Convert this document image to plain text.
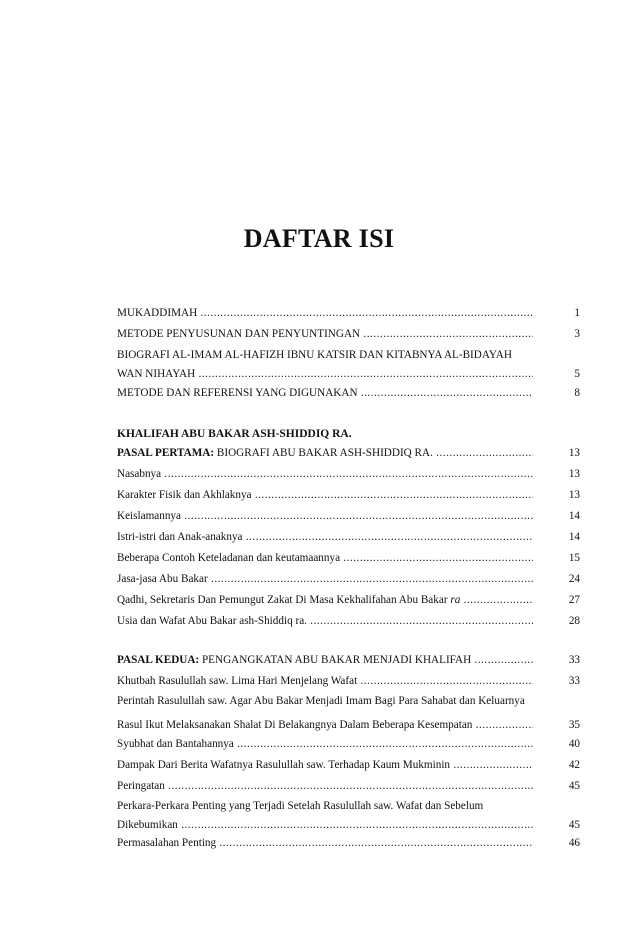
DAFTAR ISI
MUKADDIMAH .....	1
METODE PENYUSUNAN DAN PENYUNTINGAN .....	3
BIOGRAFI AL-IMAM AL-HAFIZH IBNU KATSIR DAN KITABNYA AL-BIDAYAH
WAN NIHAYAH .....	5
METODE DAN REFERENSI YANG DIGUNAKAN .....	8
KHALIFAH ABU BAKAR ASH-SHIDDIQ RA.
PASAL PERTAMA: BIOGRAFI ABU BAKAR ASH-SHIDDIQ RA. .....	13
Nasabnya .....	13
Karakter Fisik dan Akhlaknya .....	13
Keislamannya .....	14
Istri-istri dan Anak-anaknya .....	14
Beberapa Contoh Keteladanan dan keutamaannya .....	15
Jasa-jasa Abu Bakar .....	24
Qadhi, Sekretaris Dan Pemungut Zakat Di Masa Kekhalifahan Abu Bakar ra .....	27
Usia dan Wafat Abu Bakar ash-Shiddiq ra. .....	28
PASAL KEDUA: PENGANGKATAN ABU BAKAR MENJADI KHALIFAH .....	33
Khutbah Rasulullah saw. Lima Hari Menjelang Wafat .....	33
Perintah Rasulullah saw. Agar Abu Bakar Menjadi Imam Bagi Para Sahabat dan Keluarnya
Rasul Ikut Melaksanakan Shalat Di Belakangnya Dalam Beberapa Kesempatan .....	35
Syubhat dan Bantahannya .....	40
Dampak Dari Berita Wafatnya Rasulullah saw. Terhadap Kaum Mukminin .....	42
Peringatan .....	45
Perkara-Perkara Penting yang Terjadi Setelah Rasulullah saw. Wafat dan Sebelum
Dikebumikan .....	45
Permasalahan Penting .....	46
